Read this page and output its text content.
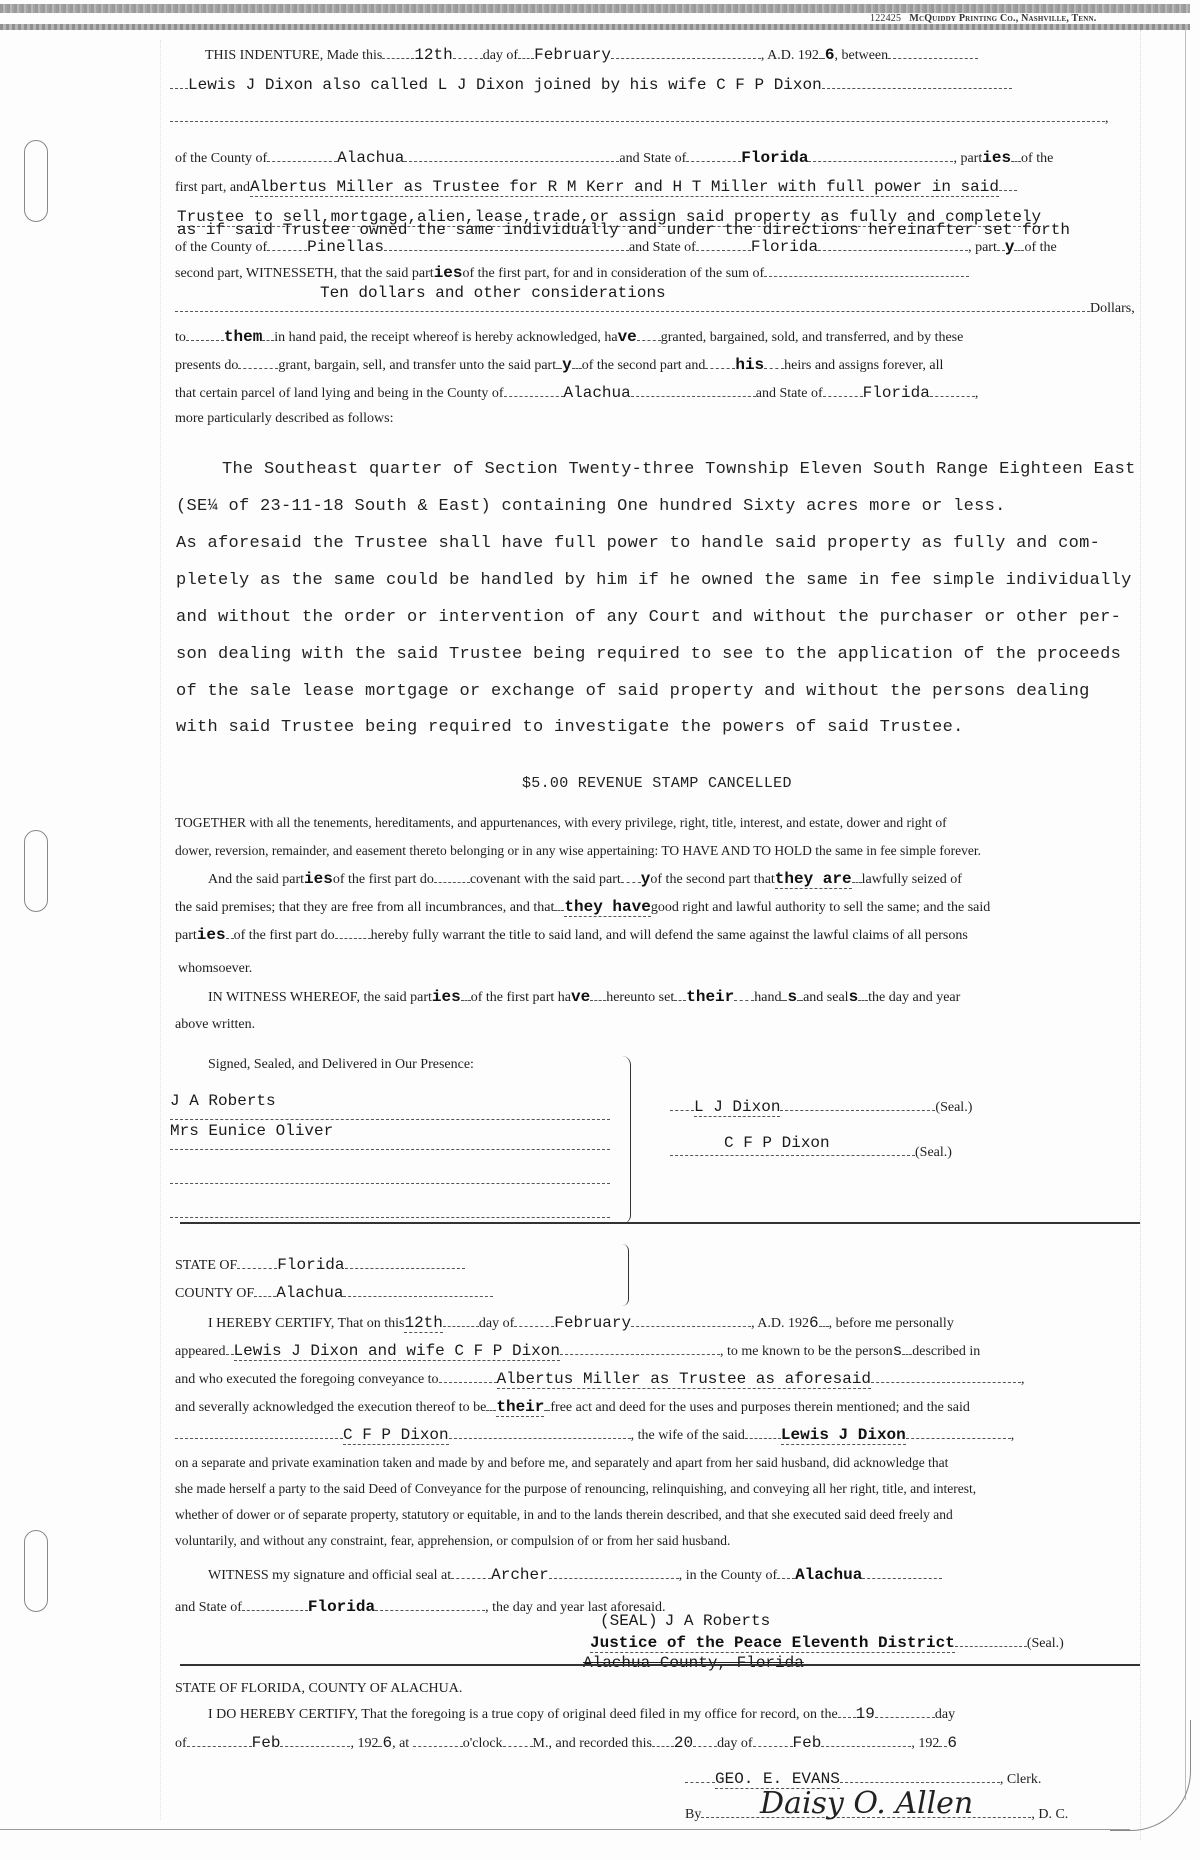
122425 McQuiddy Printing Co., Nashville, Tenn.
THIS INDENTURE, Made this 12th day of February	, A.D. 192 6, between
Lewis J Dixon also called L J Dixon joined by his wife C F P Dixon
,
of the County of	Alachua	and State of	Florida	, parties of the
first part, andAlbertus Miller as Trustee for R M Kerr and H T Miller with full power in said
Trustee to sell,mortgage,alien,lease,trade,or assign said property as fully and completely
as if said Trustee owned the same individually and under the directions hereinafter set forth
of the County of	Pinellas	and State of	Florida	, part y of the
second part, WITNESSETH, that the said partiesof the first part, for and in consideration of the sum of
Ten dollars and other considerations
Dollars,
to them in hand paid, the receipt whereof is hereby acknowledged, have granted, bargained, sold, and transferred, and by these
presents do	grant, bargain, sell, and transfer unto the said part y of the second part and his heirs and assigns forever, all
that certain parcel of land lying and being in the County of	Alachua	and State of	Florida	,
more particularly described as follows:
The Southeast quarter of Section Twenty-three Township Eleven South Range Eighteen East
(SE¼ of 23-11-18 South & East) containing One hundred Sixty acres more or less.
As aforesaid the Trustee shall have full power to handle said property as fully and com-
pletely as the same could be handled by him if he owned the same in fee simple individually
and without the order or intervention of any Court and without the purchaser or other per-
son dealing with the said Trustee being required to see to the application of the proceeds
of the sale lease mortgage or exchange of said property and without the persons dealing
with said Trustee being required to investigate the powers of said Trustee.
$5.00 REVENUE STAMP CANCELLED
TOGETHER with all the tenements, hereditaments, and appurtenances, with every privilege, right, title, interest, and estate, dower and right of
dower, reversion, remainder, and easement thereto belonging or in any wise appertaining: TO HAVE AND TO HOLD the same in fee simple forever.
And the said partiesof the first part do	covenant with the said part yof the second part thatthey are lawfully seized of
the said premises; that they are free from all incumbrances, and that they havegood right and lawful authority to sell the same; and the said
parties of the first part do	hereby fully warrant the title to said land, and will defend the same against the lawful claims of all persons
whomsoever.
IN WITNESS WHEREOF, the said parties of the first part have hereunto set their hand s and seals the day and year
above written.
Signed, Sealed, and Delivered in Our Presence:
J A Roberts
Mrs Eunice Oliver
L J Dixon	(Seal.)
C F P Dixon
(Seal.)
STATE OF	Florida
COUNTY OF Alachua
I HEREBY CERTIFY, That on this12th	day of	February	, A.D. 1926 , before me personally
appeared Lewis J Dixon and wife C F P Dixon	, to me known to be the persons described in
and who executed the foregoing conveyance to	Albertus Miller as Trustee as aforesaid	,
and severally acknowledged the execution thereof to be their free act and deed for the uses and purposes therein mentioned; and the said
C F P Dixon	, the wife of the said Lewis J Dixon	,
on a separate and private examination taken and made by and before me, and separately and apart from her said husband, did acknowledge that
she made herself a party to the said Deed of Conveyance for the purpose of renouncing, relinquishing, and conveying all her right, title, and interest,
whether of dower or of separate property, statutory or equitable, in and to the lands therein described, and that she executed said deed freely and
voluntarily, and without any constraint, fear, apprehension, or compulsion of or from her said husband.
WITNESS my signature and official seal at	Archer	, in the County of Alachua
and State of	Florida	, the day and year last aforesaid.
(SEAL) J A Roberts
Justice of the Peace Eleventh District	(Seal.)
Alachua County, Florida
STATE OF FLORIDA, COUNTY OF ALACHUA.
I DO HEREBY CERTIFY, That the foregoing is a true copy of original deed filed in my office for record, on the 19	day
of	Feb	, 192 6, at	o'clock M., and recorded this 20 day of	Feb	, 192 6
GEO. E. EVANS	, Clerk.
By	, D. C.
Daisy O. Allen
